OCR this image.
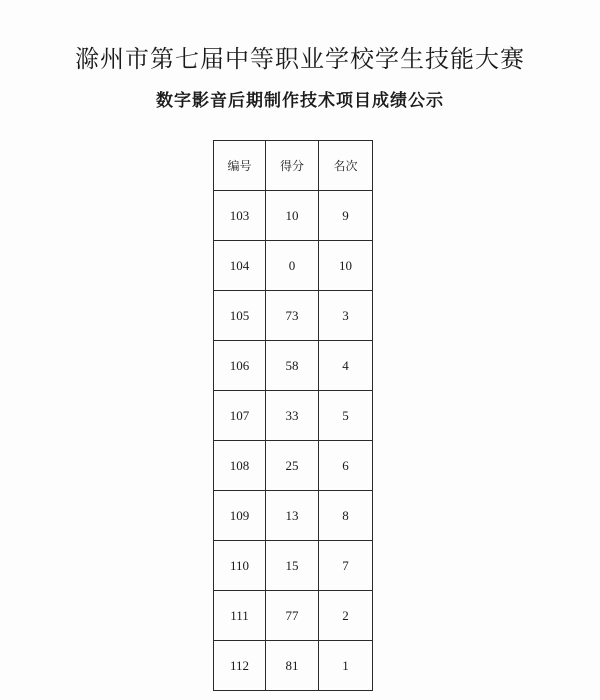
滁州市第七届中等职业学校学生技能大赛
数字影音后期制作技术项目成绩公示
编号	得分	名次
103	10	9
104	0	10
105	73	3
106	58	4
107	33	5
108	25	6
109	13	8
110	15	7
111	77	2
112	81	1
